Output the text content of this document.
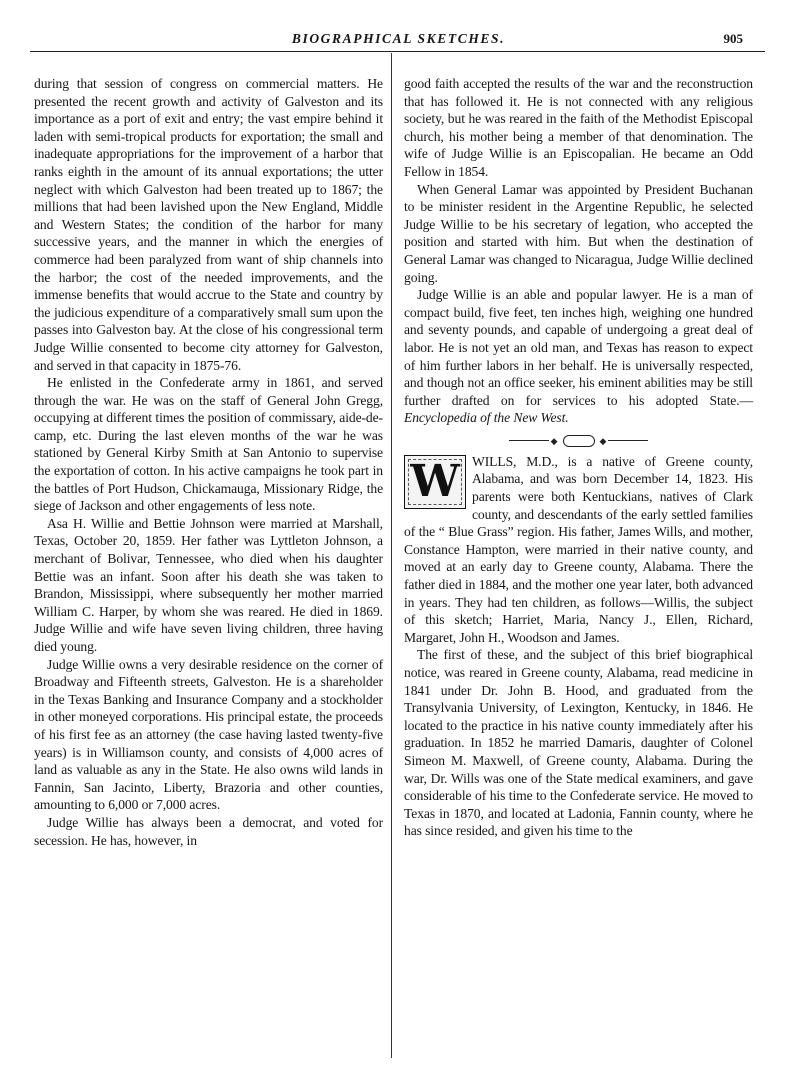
BIOGRAPHICAL SKETCHES.	905

during that session of congress on commercial matters. He presented the recent growth and activity of Galveston and its importance as a port of exit and entry; the vast empire behind it laden with semi-tropical products for exportation; the small and inadequate appropriations for the improvement of a harbor that ranks eighth in the amount of its annual exportations; the utter neglect with which Galveston had been treated up to 1867; the millions that had been lavished upon the New England, Middle and Western States; the condition of the harbor for many successive years, and the manner in which the energies of commerce had been paralyzed from want of ship channels into the harbor; the cost of the needed improvements, and the immense benefits that would accrue to the State and country by the judicious expenditure of a comparatively small sum upon the passes into Galveston bay. At the close of his congressional term Judge Willie consented to become city attorney for Galveston, and served in that capacity in 1875-76.

He enlisted in the Confederate army in 1861, and served through the war. He was on the staff of General John Gregg, occupying at different times the position of commissary, aide-de-camp, etc. During the last eleven months of the war he was stationed by General Kirby Smith at San Antonio to supervise the exportation of cotton. In his active campaigns he took part in the battles of Port Hudson, Chickamauga, Missionary Ridge, the siege of Jackson and other engagements of less note.

Asa H. Willie and Bettie Johnson were married at Marshall, Texas, October 20, 1859. Her father was Lyttleton Johnson, a merchant of Bolivar, Tennessee, who died when his daughter Bettie was an infant. Soon after his death she was taken to Brandon, Mississippi, where subsequently her mother married William C. Harper, by whom she was reared. He died in 1869. Judge Willie and wife have seven living children, three having died young.

Judge Willie owns a very desirable residence on the corner of Broadway and Fifteenth streets, Galveston. He is a shareholder in the Texas Banking and Insurance Company and a stockholder in other moneyed corporations. His principal estate, the proceeds of his first fee as an attorney (the case having lasted twenty-five years) is in Williamson county, and consists of 4,000 acres of land as valuable as any in the State. He also owns wild lands in Fannin, San Jacinto, Liberty, Brazoria and other counties, amounting to 6,000 or 7,000 acres.

Judge Willie has always been a democrat, and voted for secession. He has, however, in

good faith accepted the results of the war and the reconstruction that has followed it. He is not connected with any religious society, but he was reared in the faith of the Methodist Episcopal church, his mother being a member of that denomination. The wife of Judge Willie is an Episcopalian. He became an Odd Fellow in 1854.

When General Lamar was appointed by President Buchanan to be minister resident in the Argentine Republic, he selected Judge Willie to be his secretary of legation, who accepted the position and started with him. But when the destination of General Lamar was changed to Nicaragua, Judge Willie declined going.

Judge Willie is an able and popular lawyer. He is a man of compact build, five feet, ten inches high, weighing one hundred and seventy pounds, and capable of undergoing a great deal of labor. He is not yet an old man, and Texas has reason to expect of him further labors in her behalf. He is universally respected, and though not an office seeker, his eminent abilities may be still further drafted on for services to his adopted State.—Encyclopedia of the New West.

◆	◆
W WILLS, M.D., is a native of Greene county, Alabama, and was born December 14, 1823. His parents were both Kentuckians, natives of Clark county, and descendants of the early settled families of the “ Blue Grass” region. His father, James Wills, and mother, Constance Hampton, were married in their native county, and moved at an early day to Greene county, Alabama. There the father died in 1884, and the mother one year later, both advanced in years. They had ten children, as follows—Willis, the subject of this sketch; Harriet, Maria, Nancy J., Ellen, Richard, Margaret, John H., Woodson and James.

The first of these, and the subject of this brief biographical notice, was reared in Greene county, Alabama, read medicine in 1841 under Dr. John B. Hood, and graduated from the Transylvania University, of Lexington, Kentucky, in 1846. He located to the practice in his native county immediately after his graduation. In 1852 he married Damaris, daughter of Colonel Simeon M. Maxwell, of Greene county, Alabama. During the war, Dr. Wills was one of the State medical examiners, and gave considerable of his time to the Confederate service. He moved to Texas in 1870, and located at Ladonia, Fannin county, where he has since resided, and given his time to the
